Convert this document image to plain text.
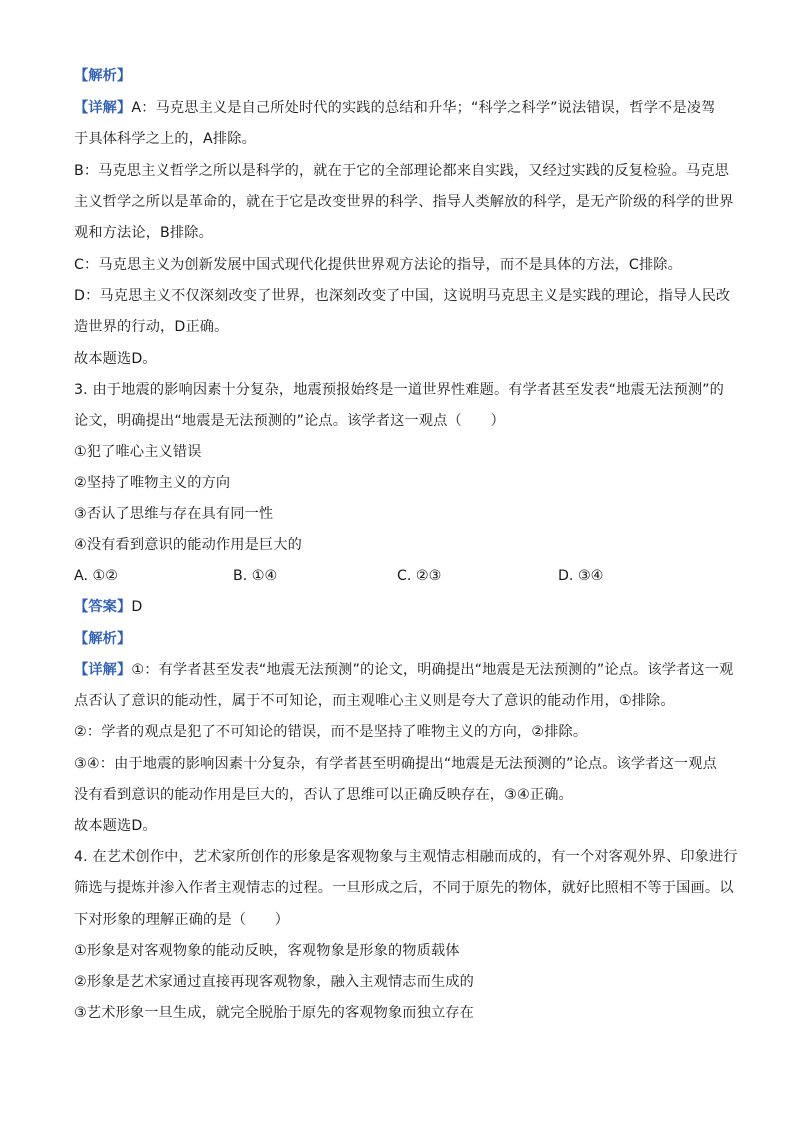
【解析】
【详解】A：马克思主义是自己所处时代的实践的总结和升华；“科学之科学”说法错误，哲学不是凌驾
于具体科学之上的，A排除。
B：马克思主义哲学之所以是科学的，就在于它的全部理论都来自实践，又经过实践的反复检验。马克思
主义哲学之所以是革命的，就在于它是改变世界的科学、指导人类解放的科学，是无产阶级的科学的世界
观和方法论，B排除。
C：马克思主义为创新发展中国式现代化提供世界观方法论的指导，而不是具体的方法，C排除。
D：马克思主义不仅深刻改变了世界，也深刻改变了中国，这说明马克思主义是实践的理论，指导人民改
造世界的行动，D正确。
故本题选D。
3. 由于地震的影响因素十分复杂，地震预报始终是一道世界性难题。有学者甚至发表“地震无法预测”的
论文，明确提出“地震是无法预测的”论点。该学者这一观点（　　）
①犯了唯心主义错误
②坚持了唯物主义的方向
③否认了思维与存在具有同一性
④没有看到意识的能动作用是巨大的
A. ①②	B. ①④	C. ②③	D. ③④
【答案】D
【解析】
【详解】①：有学者甚至发表“地震无法预测”的论文，明确提出“地震是无法预测的”论点。该学者这一观
点否认了意识的能动性，属于不可知论，而主观唯心主义则是夸大了意识的能动作用，①排除。
②：学者的观点是犯了不可知论的错误，而不是坚持了唯物主义的方向，②排除。
③④：由于地震的影响因素十分复杂，有学者甚至明确提出“地震是无法预测的”论点。该学者这一观点
没有看到意识的能动作用是巨大的，否认了思维可以正确反映存在，③④正确。
故本题选D。
4. 在艺术创作中，艺术家所创作的形象是客观物象与主观情志相融而成的，有一个对客观外界、印象进行
筛选与提炼并渗入作者主观情志的过程。一旦形成之后，不同于原先的物体，就好比照相不等于国画。以
下对形象的理解正确的是（　　）
①形象是对客观物象的能动反映，客观物象是形象的物质载体
②形象是艺术家通过直接再现客观物象，融入主观情志而生成的
③艺术形象一旦生成，就完全脱胎于原先的客观物象而独立存在
